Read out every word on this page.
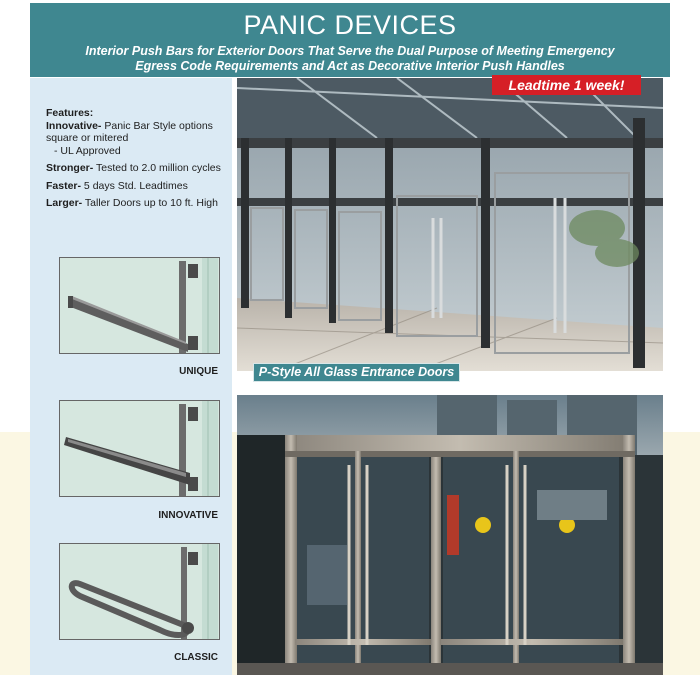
PANIC DEVICES
Interior Push Bars for Exterior Doors That Serve the Dual Purpose of Meeting Emergency
Egress Code Requirements and Act as Decorative Interior Push Handles
Features:
Innovative- Panic Bar Style options
square or mitered
- UL Approved
Stronger- Tested to 2.0 million cycles
Faster- 5 days Std. Leadtimes
Larger- Taller Doors up to 10 ft. High
UNIQUE
INNOVATIVE
CLASSIC
Leadtime 1 week!
P-Style All Glass Entrance Doors
